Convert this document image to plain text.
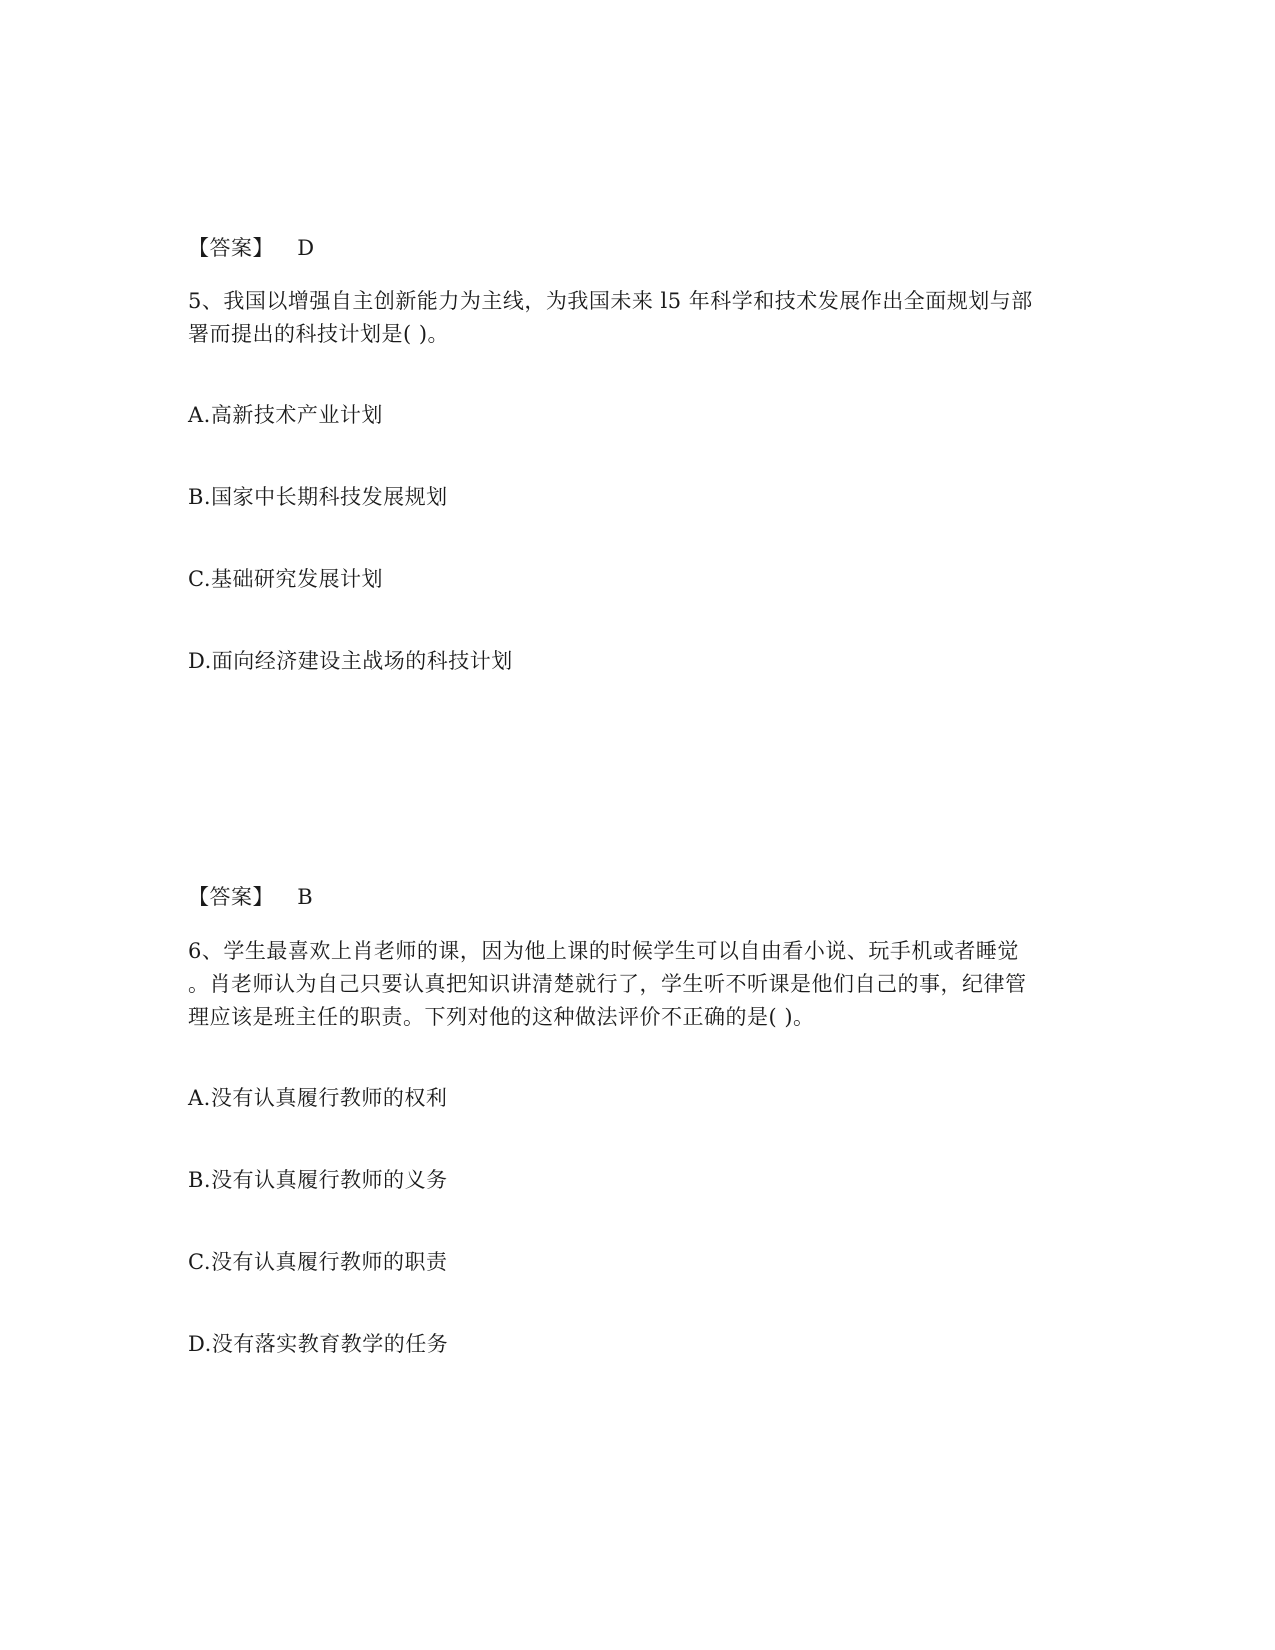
【答案】 D
5、我国以增强自主创新能力为主线，为我国未来 l5 年科学和技术发展作出全面规划与部
署而提出的科技计划是( )。
A.高新技术产业计划
B.国家中长期科技发展规划
C.基础研究发展计划
D.面向经济建设主战场的科技计划
【答案】 B
6、学生最喜欢上肖老师的课，因为他上课的时候学生可以自由看小说、玩手机或者睡觉
。肖老师认为自己只要认真把知识讲清楚就行了，学生听不听课是他们自己的事，纪律管
理应该是班主任的职责。下列对他的这种做法评价不正确的是( )。
A.没有认真履行教师的权利
B.没有认真履行教师的义务
C.没有认真履行教师的职责
D.没有落实教育教学的任务
